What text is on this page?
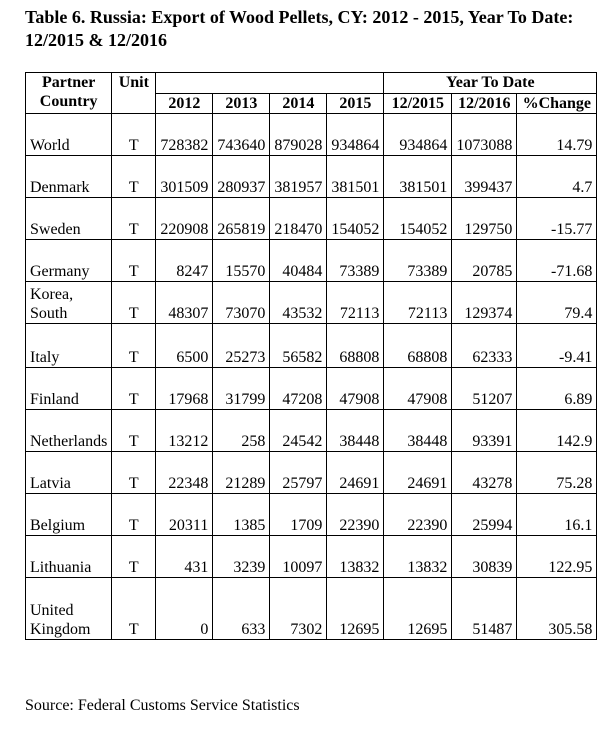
Table 6. Russia: Export of Wood Pellets, CY: 2012 - 2015, Year To Date: 12/2015 & 12/2016
Partner Country	Unit					Year To Date		
		2012	2013	2014	2015	12/2015	12/2016	%Change
World	T	728382	743640	879028	934864	934864	1073088	14.79
Denmark	T	301509	280937	381957	381501	381501	399437	4.7
Sweden	T	220908	265819	218470	154052	154052	129750	-15.77
Germany	T	8247	15570	40484	73389	73389	20785	-71.68
Korea, South	T	48307	73070	43532	72113	72113	129374	79.4
Italy	T	6500	25273	56582	68808	68808	62333	-9.41
Finland	T	17968	31799	47208	47908	47908	51207	6.89
Netherlands	T	13212	258	24542	38448	38448	93391	142.9
Latvia	T	22348	21289	25797	24691	24691	43278	75.28
Belgium	T	20311	1385	1709	22390	22390	25994	16.1
Lithuania	T	431	3239	10097	13832	13832	30839	122.95
United Kingdom	T	0	633	7302	12695	12695	51487	305.58
Source: Federal Customs Service Statistics
